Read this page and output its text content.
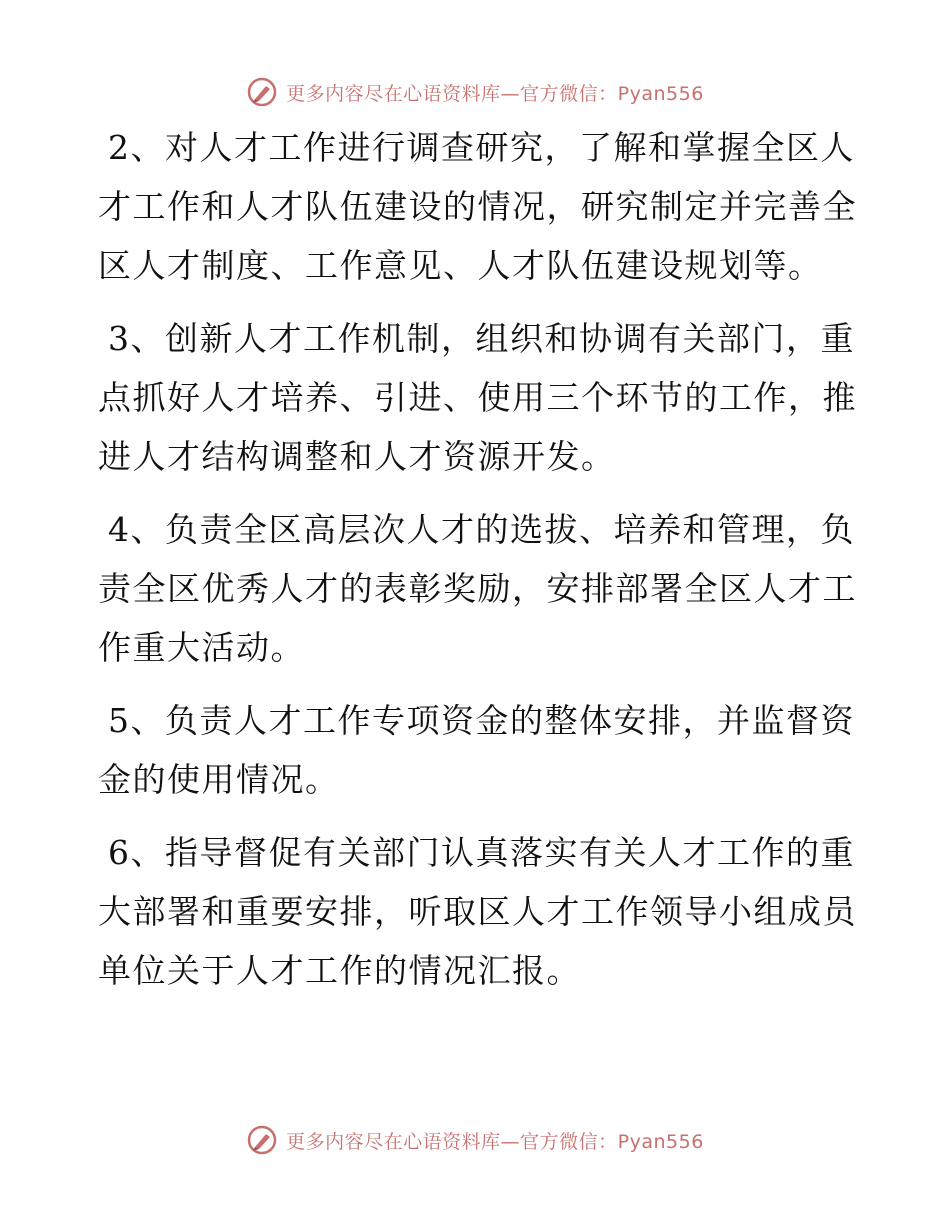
更多内容尽在心语资料库—官方微信：Pyan556

2、对人才工作进行调查研究，了解和掌握全区人才工作和人才队伍建设的情况，研究制定并完善全区人才制度、工作意见、人才队伍建设规划等。

3、创新人才工作机制，组织和协调有关部门，重点抓好人才培养、引进、使用三个环节的工作，推进人才结构调整和人才资源开发。

4、负责全区高层次人才的选拔、培养和管理，负责全区优秀人才的表彰奖励，安排部署全区人才工作重大活动。

5、负责人才工作专项资金的整体安排，并监督资金的使用情况。

6、指导督促有关部门认真落实有关人才工作的重大部署和重要安排，听取区人才工作领导小组成员单位关于人才工作的情况汇报。

更多内容尽在心语资料库—官方微信：Pyan556
